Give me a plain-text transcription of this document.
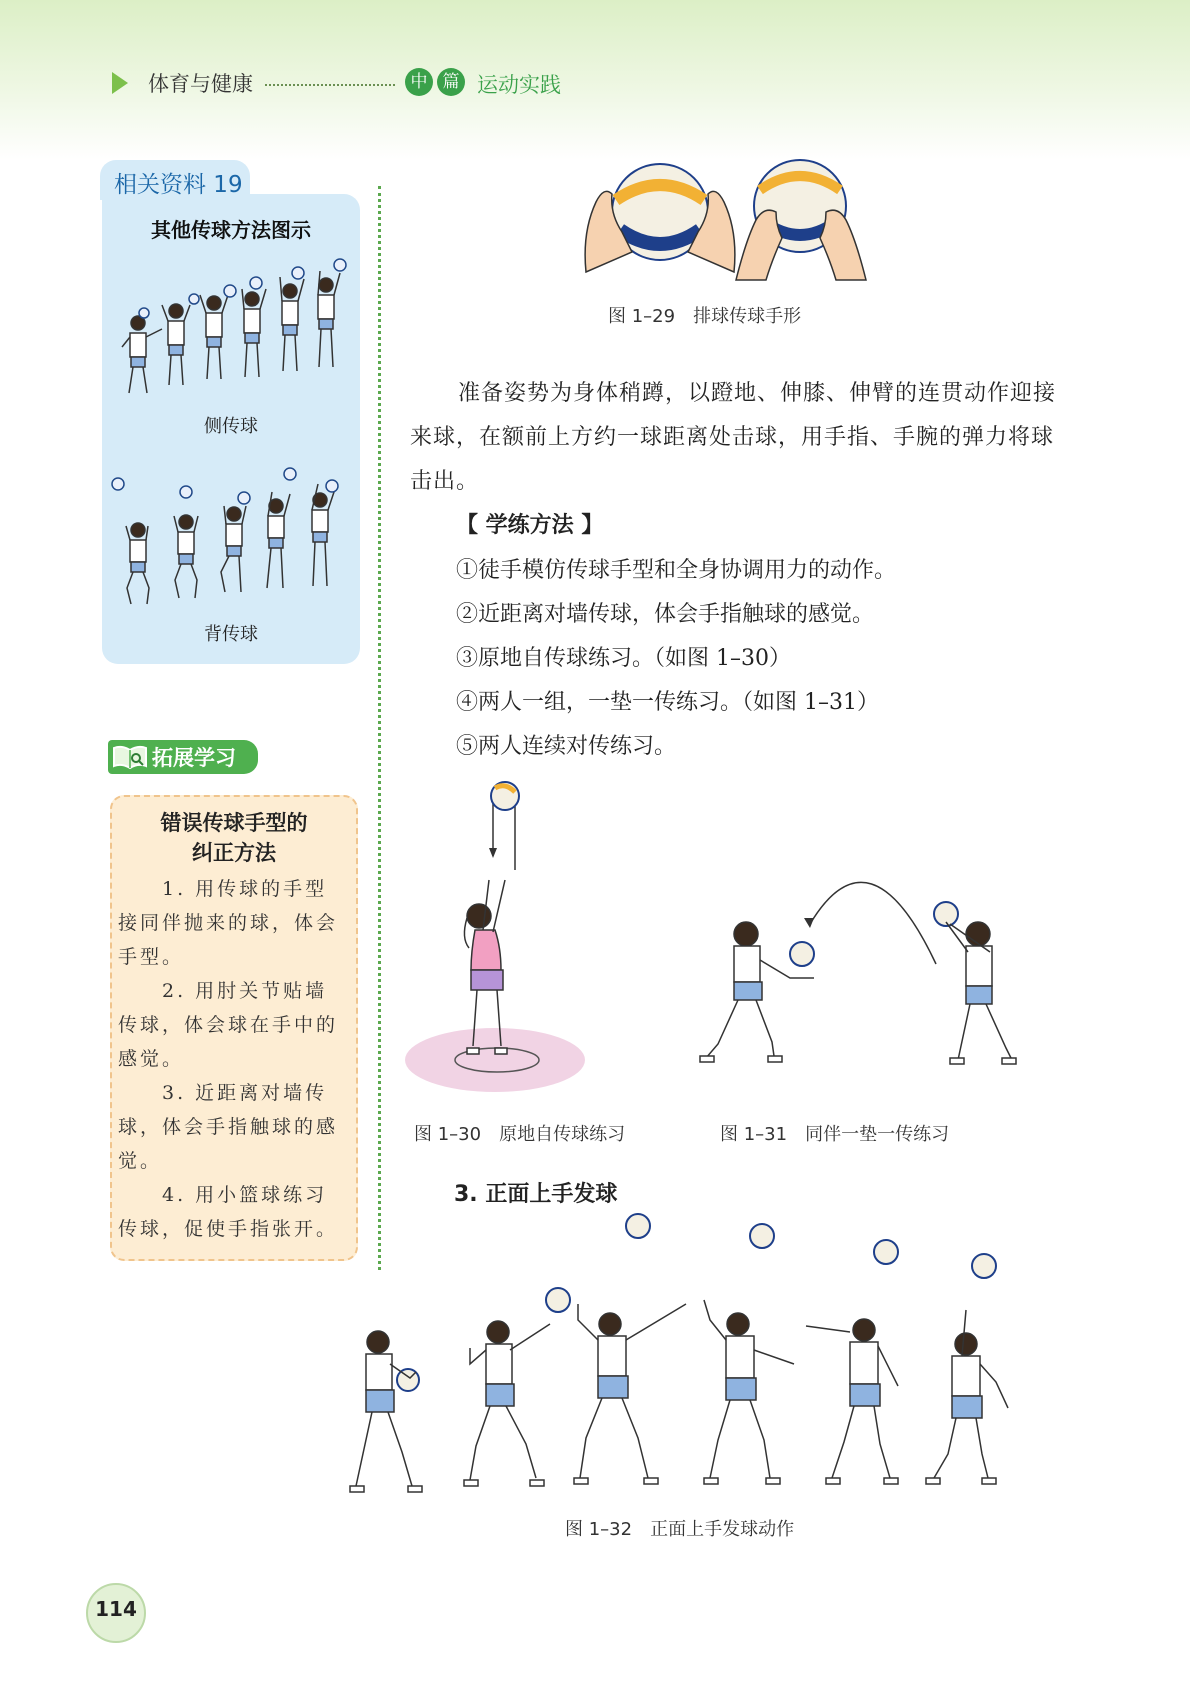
体育与健康	中 篇 运动实践
相关资料 19
其他传球方法图示
侧传球
背传球
拓展学习
错误传球手型的
纠正方法
1. 用传球的手型接同伴抛来的球，体会手型。
2. 用肘关节贴墙传球，体会球在手中的感觉。
3. 近距离对墙传球，体会手指触球的感觉。
4. 用小篮球练习传球，促使手指张开。
图 1–29　排球传球手形
准备姿势为身体稍蹲，以蹬地、伸膝、伸臂的连贯动作迎接来球，在额前上方约一球距离处击球，用手指、手腕的弹力将球击出。
【 学练方法 】
①徒手模仿传球手型和全身协调用力的动作。
②近距离对墙传球，体会手指触球的感觉。
③原地自传球练习。（如图 1–30）
④两人一组，一垫一传练习。（如图 1–31）
⑤两人连续对传练习。
图 1–30　原地自传球练习	图 1–31　同伴一垫一传练习
3. 正面上手发球
图 1–32　正面上手发球动作
114
